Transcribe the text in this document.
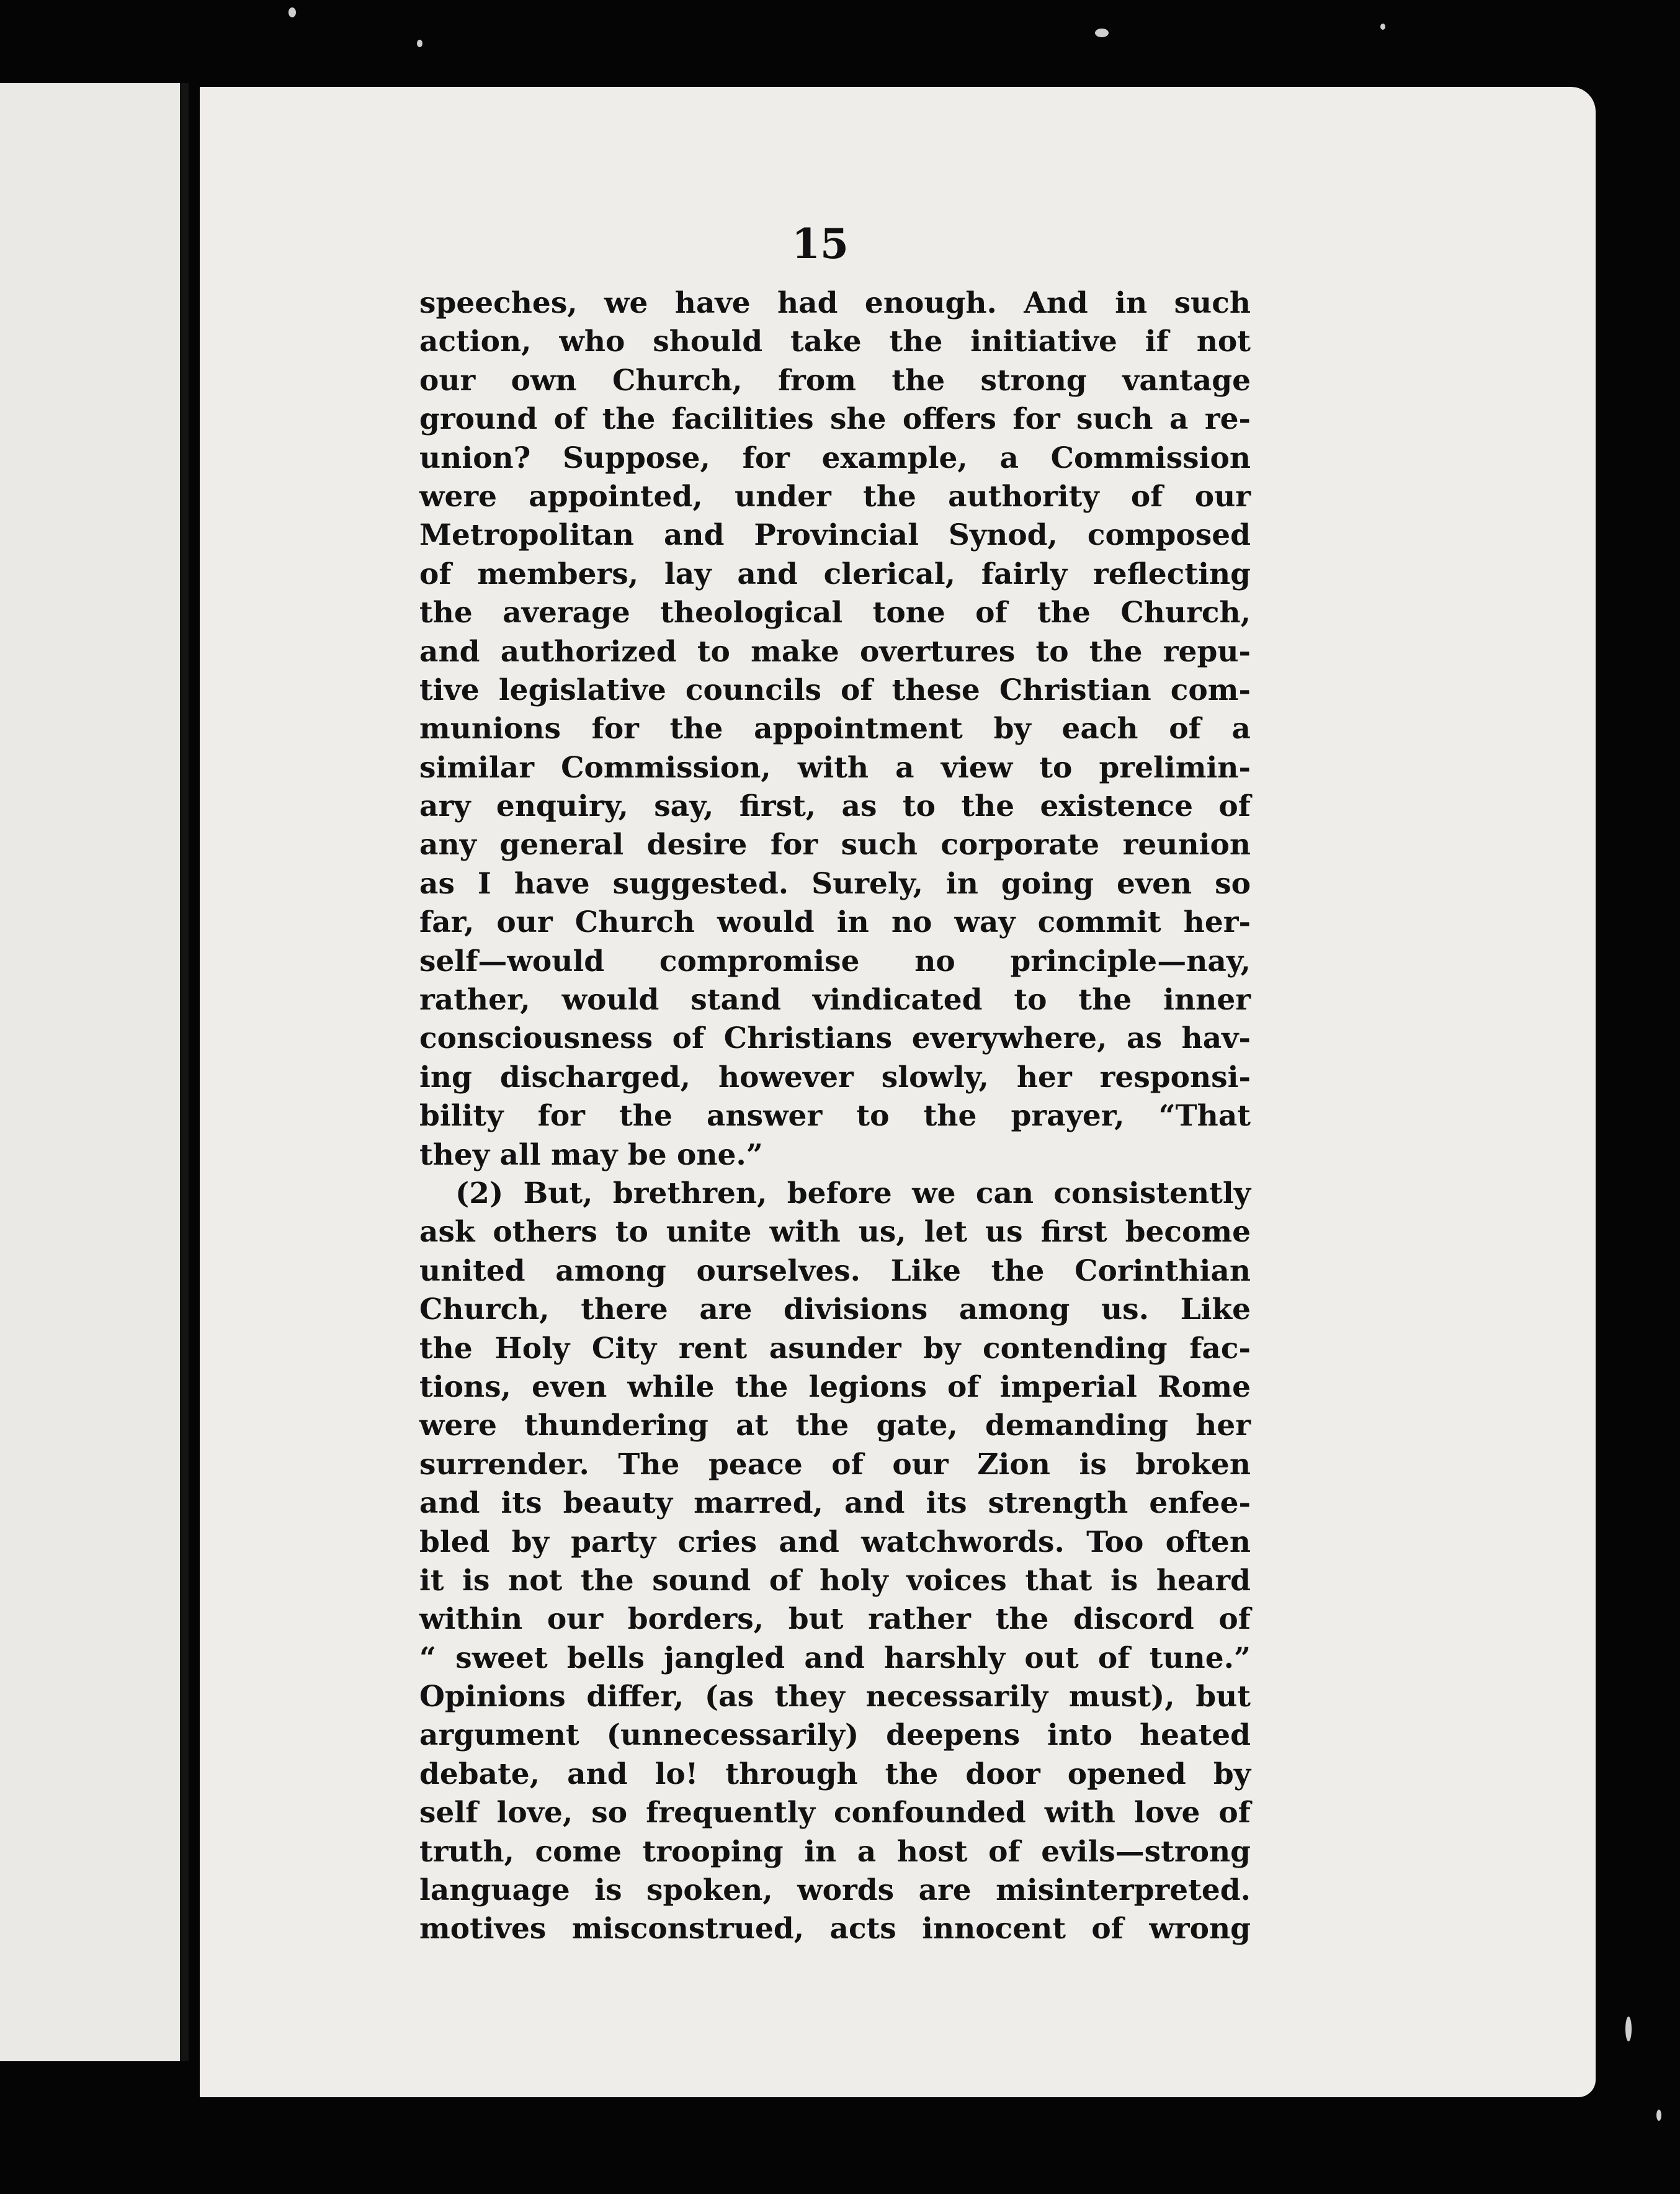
15
speeches, we have had enough. And in such
action, who should take the initiative if not
our own Church, from the strong vantage
ground of the facilities she offers for such a re-
union? Suppose, for example, a Commission
were appointed, under the authority of our
Metropolitan and Provincial Synod, composed
of members, lay and clerical, fairly reflecting
the average theological tone of the Church,
and authorized to make overtures to the repu-
tive legislative councils of these Christian com-
munions for the appointment by each of a
similar Commission, with a view to prelimin-
ary enquiry, say, first, as to the existence of
any general desire for such corporate reunion
as I have suggested. Surely, in going even so
far, our Church would in no way commit her-
self—would compromise no principle—nay,
rather, would stand vindicated to the inner
consciousness of Christians everywhere, as hav-
ing discharged, however slowly, her responsi-
bility for the answer to the prayer, “That
they all may be one.”
(2) But, brethren, before we can consistently
ask others to unite with us, let us first become
united among ourselves. Like the Corinthian
Church, there are divisions among us. Like
the Holy City rent asunder by contending fac-
tions, even while the legions of imperial Rome
were thundering at the gate, demanding her
surrender. The peace of our Zion is broken
and its beauty marred, and its strength enfee-
bled by party cries and watchwords. Too often
it is not the sound of holy voices that is heard
within our borders, but rather the discord of
“ sweet bells jangled and harshly out of tune.”
Opinions differ, (as they necessarily must), but
argument (unnecessarily) deepens into heated
debate, and lo! through the door opened by
self love, so frequently confounded with love of
truth, come trooping in a host of evils—strong
language is spoken, words are misinterpreted.
motives misconstrued, acts innocent of wrong
